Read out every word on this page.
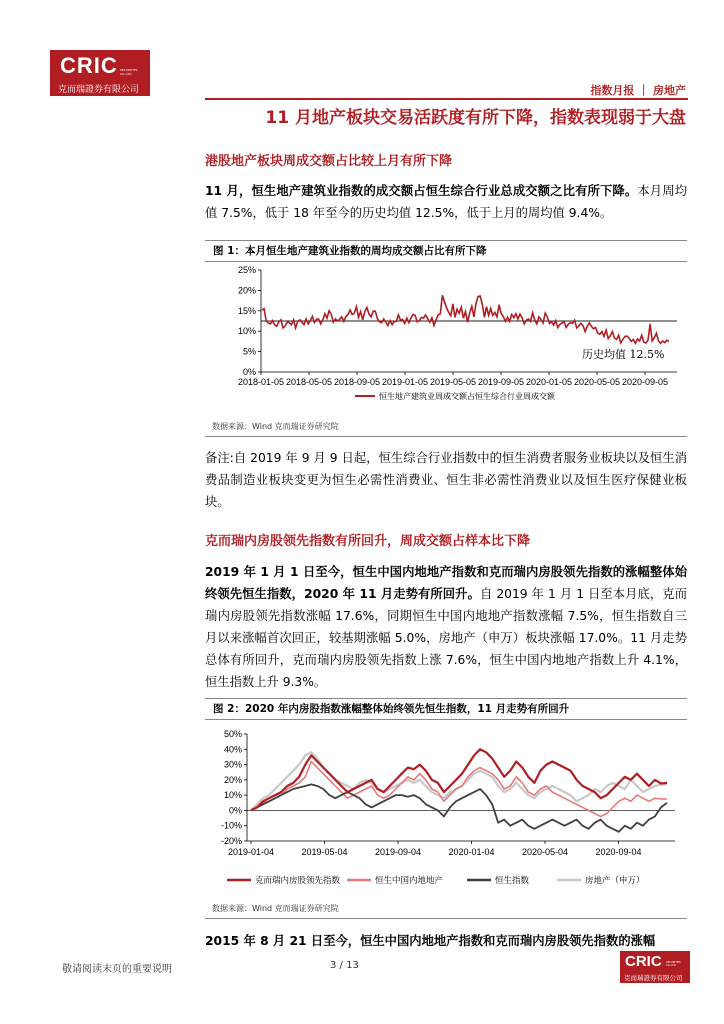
CRIC SECURITIES CO.,LTD
克而瑞證券有限公司	指数月报 ｜ 房地产
11 月地产板块交易活跃度有所下降，指数表现弱于大盘
港股地产板块周成交额占比较上月有所下降
11 月，恒生地产建筑业指数的成交额占恒生综合行业总成交额之比有所下降。本月周均值 7.5%，低于 18 年至今的历史均值 12.5%，低于上月的周均值 9.4%。
图 1：本月恒生地产建筑业指数的周均成交额占比有所下降
25%
20%
15%
10%
5%
0%
2018-01-05 2018-05-05 2018-09-05 2019-01-05 2019-05-05 2019-09-05 2020-01-05 2020-05-05 2020-09-05
历史均值 12.5%
恒生地产建筑业周成交额占恒生综合行业周成交额
数据来源：Wind 克而瑞证券研究院
备注:自 2019 年 9 月 9 日起，恒生综合行业指数中的恒生消费者服务业板块以及恒生消费品制造业板块变更为恒生必需性消费业、恒生非必需性消费业以及恒生医疗保健业板块。
克而瑞内房股领先指数有所回升，周成交额占样本比下降
2019 年 1 月 1 日至今，恒生中国内地地产指数和克而瑞内房股领先指数的涨幅整体始终领先恒生指数，2020 年 11 月走势有所回升。自 2019 年 1 月 1 日至本月底，克而瑞内房股领先指数涨幅 17.6%，同期恒生中国内地地产指数涨幅 7.5%，恒生指数自三月以来涨幅首次回正，较基期涨幅 5.0%，房地产（申万）板块涨幅 17.0%。11 月走势总体有所回升，克而瑞内房股领先指数上涨 7.6%，恒生中国内地地产指数上升 4.1%，恒生指数上升 9.3%。
图 2：2020 年内房股指数涨幅整体始终领先恒生指数，11 月走势有所回升
50%
40%
30%
20%
10%
0%
-10%
-20%
2019-01-04	2019-05-04	2019-09-04	2020-01-04	2020-05-04	2020-09-04
克而瑞内房股领先指数	恒生中国内地地产	恒生指数	房地产（申万）
数据来源：Wind 克而瑞证券研究院
2015 年 8 月 21 日至今，恒生中国内地地产指数和克而瑞内房股领先指数的涨幅
敬请阅读末页的重要说明	3 / 13	CRIC SECURITIES CO.,LTD
克而瑞證券有限公司
